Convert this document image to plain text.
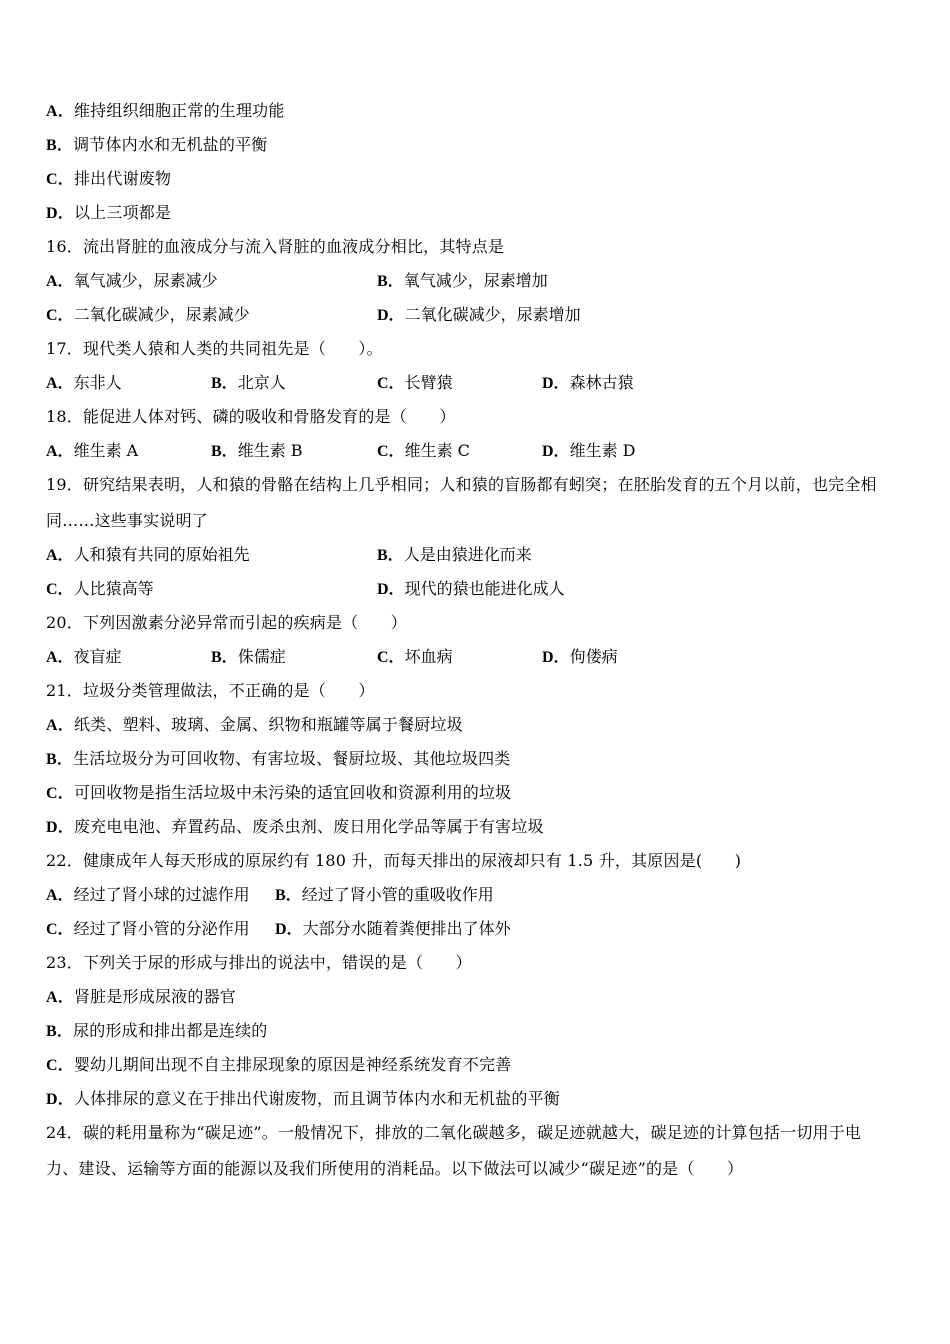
A．维持组织细胞正常的生理功能
B．调节体内水和无机盐的平衡
C．排出代谢废物
D．以上三项都是
16．流出肾脏的血液成分与流入肾脏的血液成分相比，其特点是
A．氧气减少，尿素减少	B．氧气减少，尿素增加
C．二氧化碳减少，尿素减少	D．二氧化碳减少，尿素增加
17．现代类人猿和人类的共同祖先是（　　）。
A．东非人	B．北京人	C．长臂猿	D．森林古猿
18．能促进人体对钙、磷的吸收和骨胳发育的是（　　）
A．维生素 A	B．维生素 B	C．维生素 C	D．维生素 D
19．研究结果表明，人和猿的骨骼在结构上几乎相同；人和猿的盲肠都有蚓突；在胚胎发育的五个月以前，也完全相
同……这些事实说明了
A．人和猿有共同的原始祖先	B．人是由猿进化而来
C．人比猿高等	D．现代的猿也能进化成人
20．下列因激素分泌异常而引起的疾病是（　　）
A．夜盲症	B．侏儒症	C．坏血病	D．佝偻病
21．垃圾分类管理做法，不正确的是（　　）
A．纸类、塑料、玻璃、金属、织物和瓶罐等属于餐厨垃圾
B．生活垃圾分为可回收物、有害垃圾、餐厨垃圾、其他垃圾四类
C．可回收物是指生活垃圾中未污染的适宜回收和资源利用的垃圾
D．废充电电池、弃置药品、废杀虫剂、废日用化学品等属于有害垃圾
22．健康成年人每天形成的原尿约有 180 升，而每天排出的尿液却只有 1.5 升，其原因是(　　)
A．经过了肾小球的过滤作用 B．经过了肾小管的重吸收作用
C．经过了肾小管的分泌作用 D．大部分水随着粪便排出了体外
23．下列关于尿的形成与排出的说法中，错误的是（　　）
A．肾脏是形成尿液的器官
B．尿的形成和排出都是连续的
C．婴幼儿期间出现不自主排尿现象的原因是神经系统发育不完善
D．人体排尿的意义在于排出代谢废物，而且调节体内水和无机盐的平衡
24．碳的耗用量称为“碳足迹”。一般情况下，排放的二氧化碳越多，碳足迹就越大，碳足迹的计算包括一切用于电
力、建设、运输等方面的能源以及我们所使用的消耗品。以下做法可以减少“碳足迹”的是（　　）
